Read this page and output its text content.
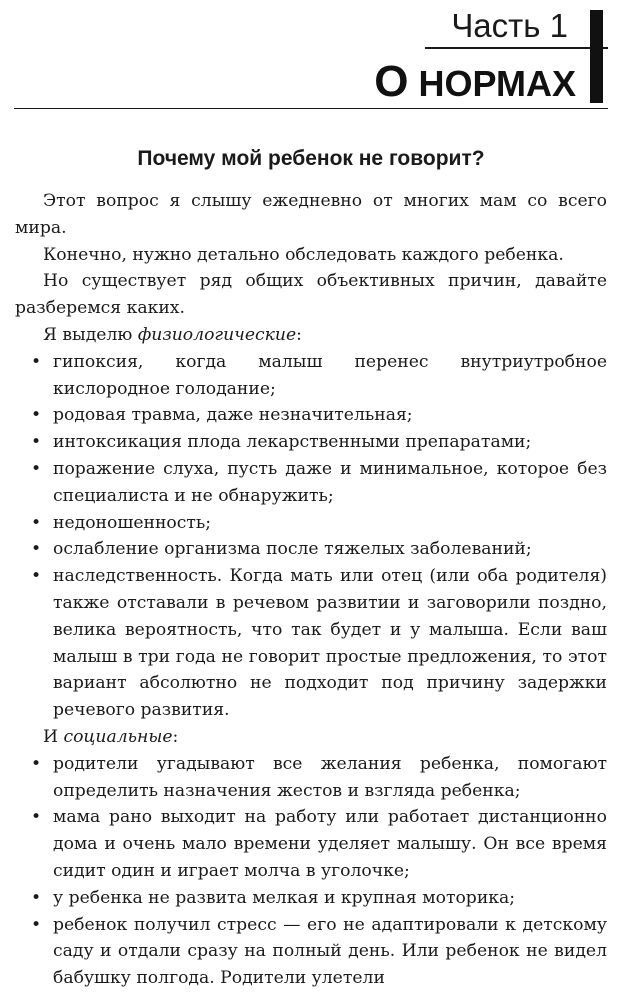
Часть 1
О НОРМАХ
Почему мой ребенок не говорит?

Этот вопрос я слышу ежедневно от многих мам со всего мира.

Конечно, нужно детально обследовать каждого ребенка.

Но существует ряд общих объективных причин, давайте разберемся каких.

Я выделю физиологические:

• гипоксия, когда малыш перенес внутриутробное кислородное голодание;
• родовая травма, даже незначительная;
• интоксикация плода лекарственными препаратами;
• поражение слуха, пусть даже и минимальное, которое без специалиста и не обнаружить;
• недоношенность;
• ослабление организма после тяжелых заболеваний;
• наследственность. Когда мать или отец (или оба родителя) также отставали в речевом развитии и заговорили поздно, велика вероятность, что так будет и у малыша. Если ваш малыш в три года не говорит простые предложения, то этот вариант абсолютно не подходит под причину задержки речевого развития.

И социальные:

• родители угадывают все желания ребенка, помогают определить назначения жестов и взгляда ребенка;
• мама рано выходит на работу или работает дистанционно дома и очень мало времени уделяет малышу. Он все время сидит один и играет молча в уголочке;
• у ребенка не развита мелкая и крупная моторика;
• ребенок получил стресс — его не адаптировали к детскому саду и отдали сразу на полный день. Или ребенок не видел бабушку полгода. Родители улетели
